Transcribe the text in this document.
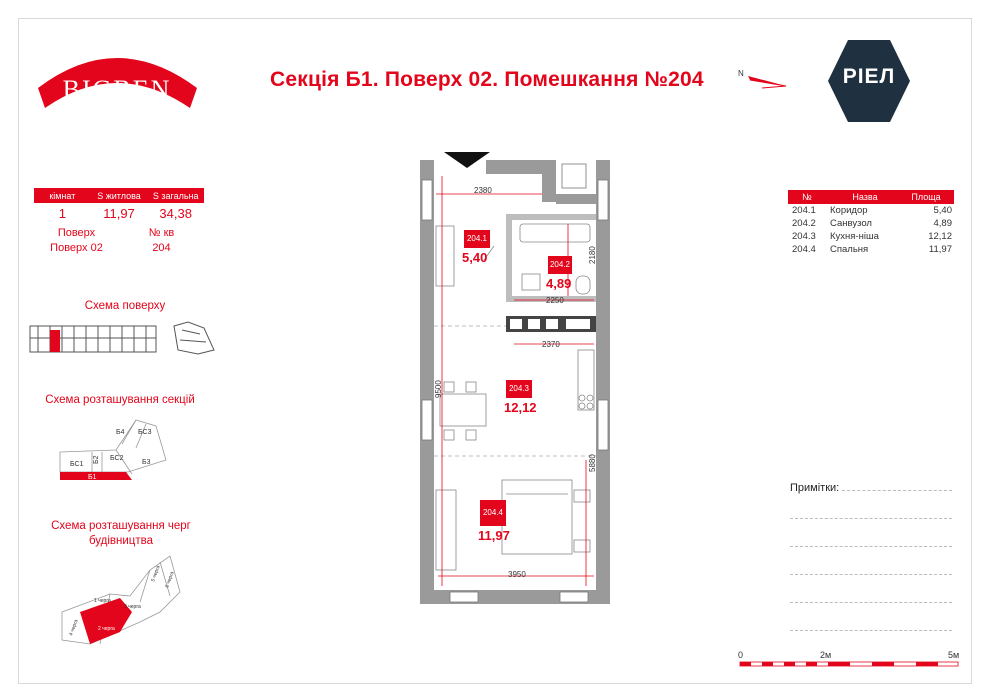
BIGBEN	Секція Б1. Поверх 02. Помешкання №204	N	РІЕЛ
кімнат	S житлова	S загальна
1	11,97	34,38
Поверх	№ кв
Поверх 02	204
Схема поверху
Схема розташування секцій
Б4 БС3
БС1
Б2 БС2
Б3
Б1
Схема розташування черг будівництва
1 черга
2 черга
3 черга
4 черга
5 черга 6 черга
204.1
5,40	204.2
4,89
204.3
12,12
204.4
11,97
2380
2180
2250
2370
9500
5880
3950
№	Назва	Площа
204.1	Коридор	5,40
204.2	Санвузол	4,89
204.3	Кухня-ніша	12,12
204.4	Спальня	11,97
Примітки:
0	2м	5м
